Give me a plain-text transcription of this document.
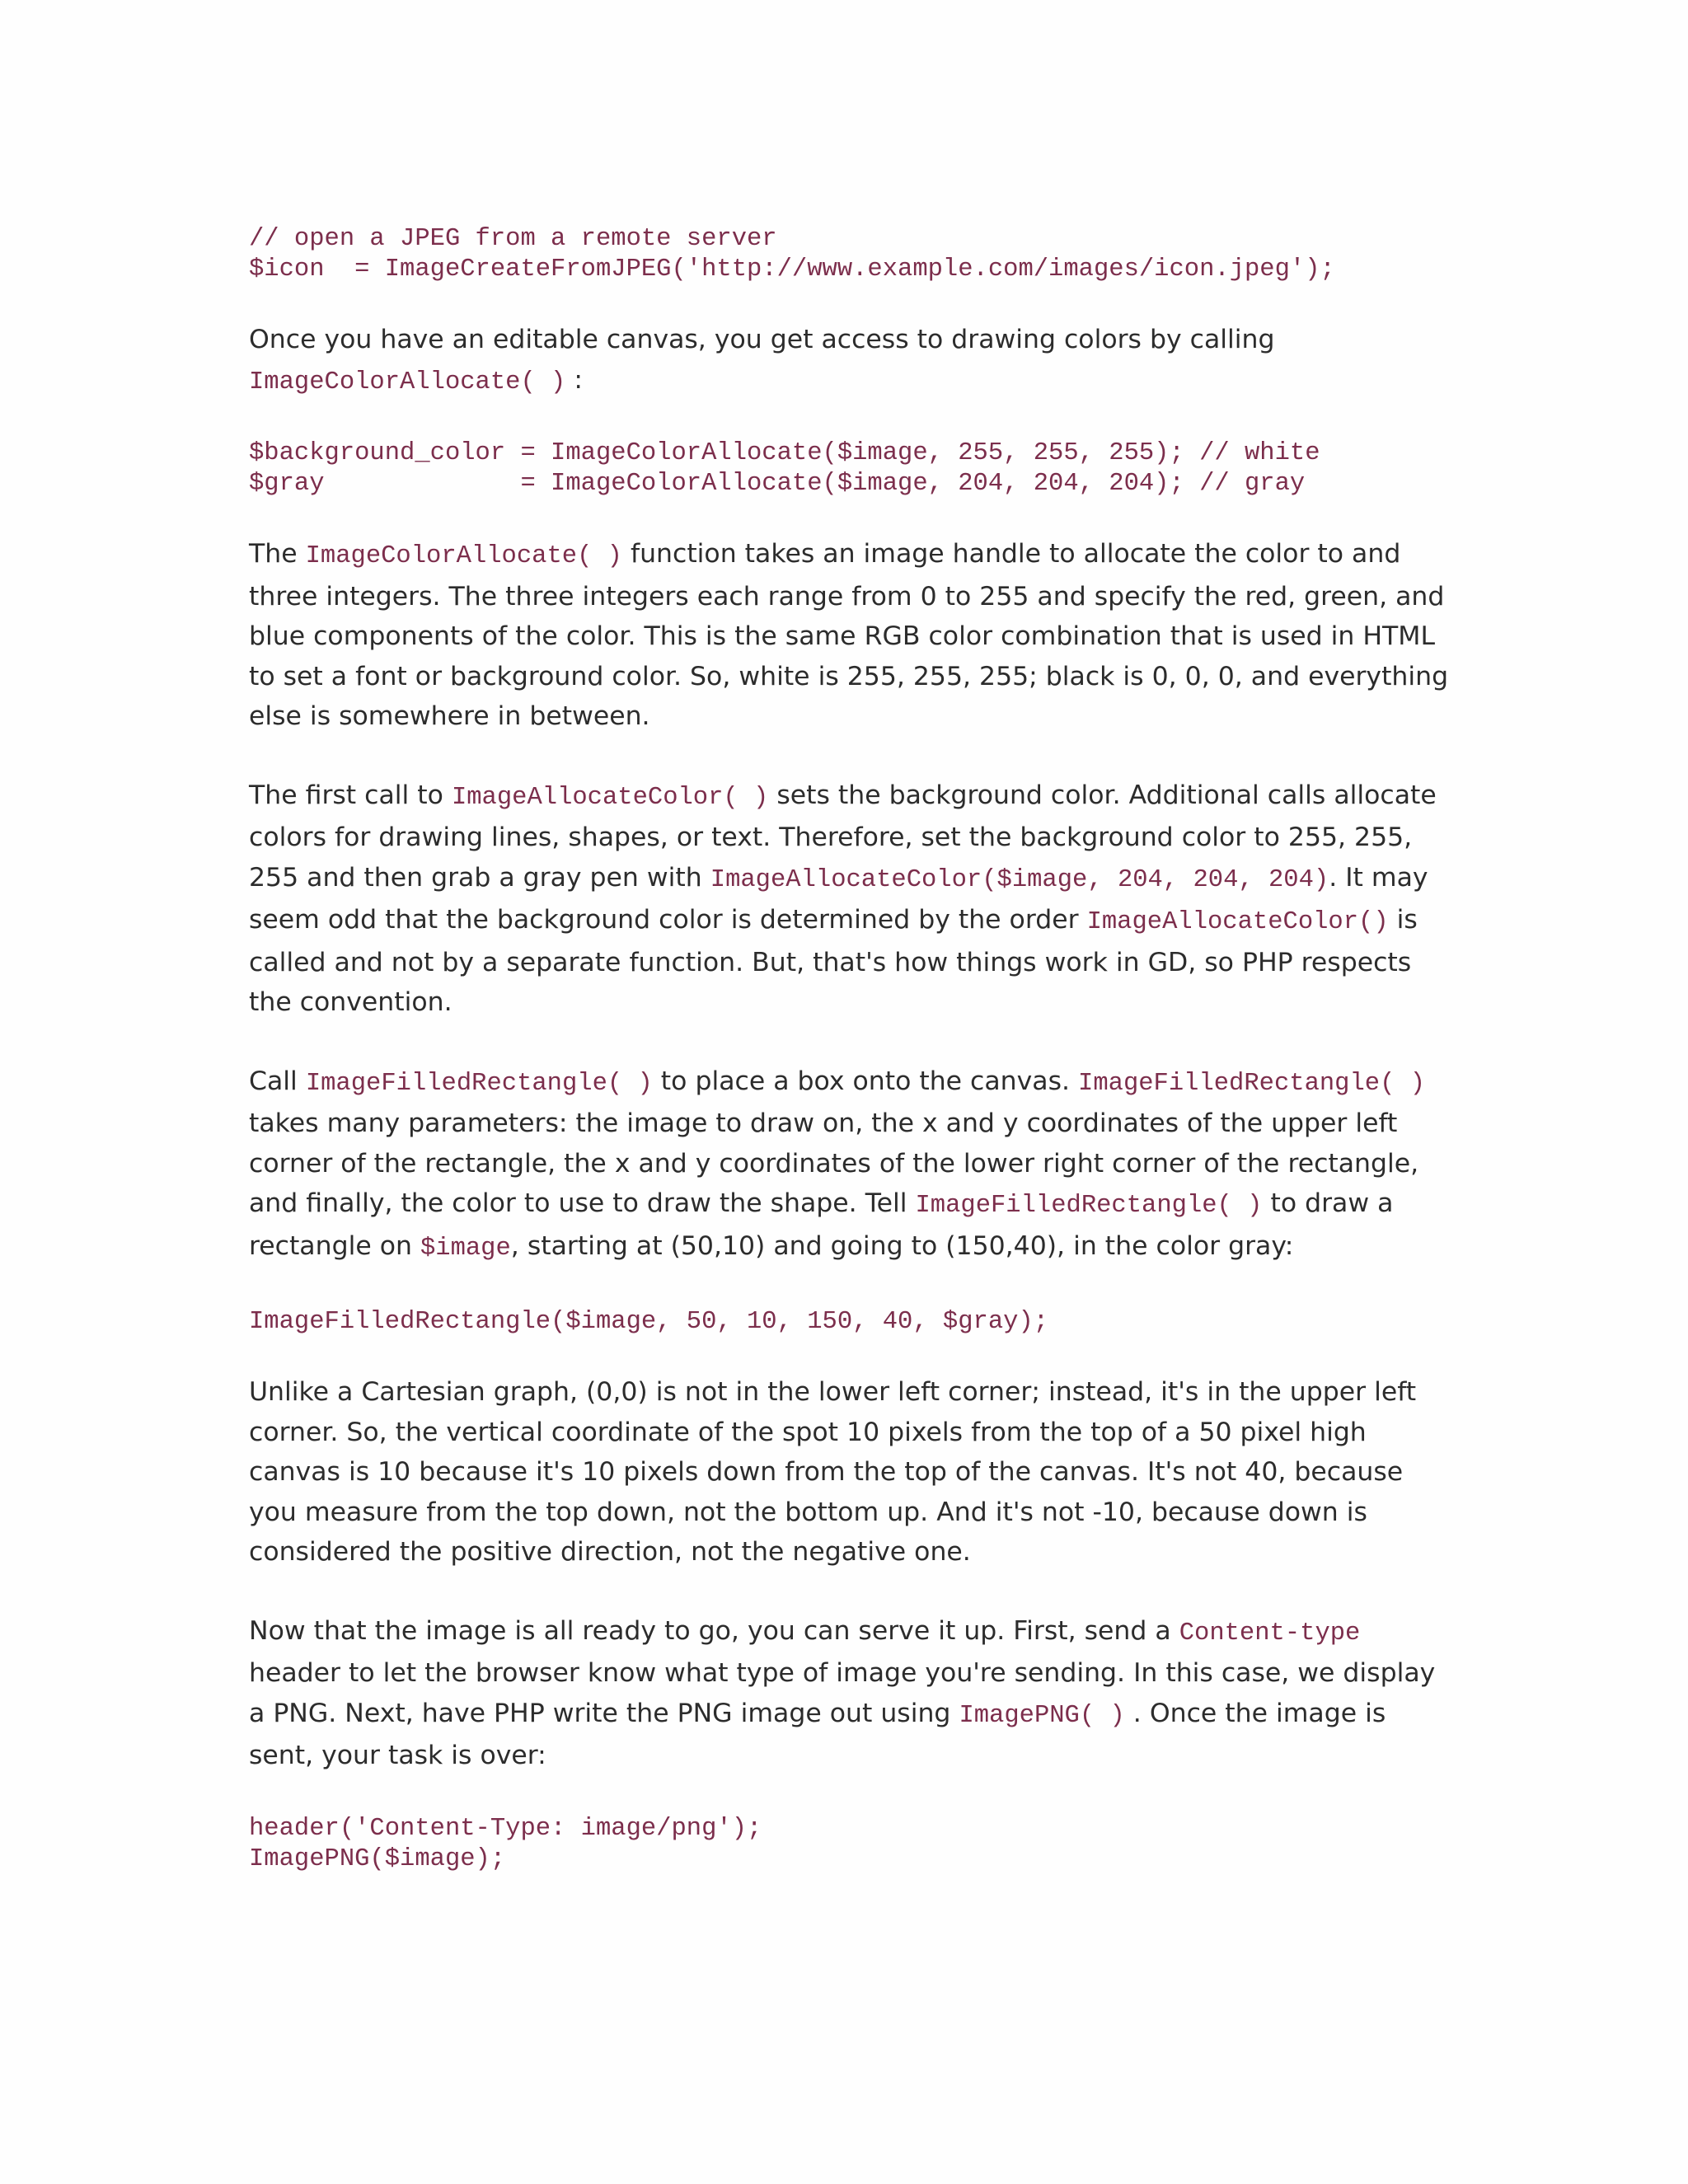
// open a JPEG from a remote server
$icon  = ImageCreateFromJPEG('http://www.example.com/images/icon.jpeg');

Once you have an editable canvas, you get access to drawing colors by calling ImageColorAllocate( ) :

$background_color = ImageColorAllocate($image, 255, 255, 255); // white
$gray             = ImageColorAllocate($image, 204, 204, 204); // gray

The ImageColorAllocate( ) function takes an image handle to allocate the color to and three integers. The three integers each range from 0 to 255 and specify the red, green, and blue components of the color. This is the same RGB color combination that is used in HTML to set a font or background color. So, white is 255, 255, 255; black is 0, 0, 0, and everything else is somewhere in between.

The first call to ImageAllocateColor( ) sets the background color. Additional calls allocate colors for drawing lines, shapes, or text. Therefore, set the background color to 255, 255, 255 and then grab a gray pen with ImageAllocateColor($image, 204, 204, 204). It may seem odd that the background color is determined by the order ImageAllocateColor() is called and not by a separate function. But, that's how things work in GD, so PHP respects the convention.

Call ImageFilledRectangle( ) to place a box onto the canvas. ImageFilledRectangle( ) takes many parameters: the image to draw on, the x and y coordinates of the upper left corner of the rectangle, the x and y coordinates of the lower right corner of the rectangle, and finally, the color to use to draw the shape. Tell ImageFilledRectangle( ) to draw a rectangle on $image, starting at (50,10) and going to (150,40), in the color gray:

ImageFilledRectangle($image, 50, 10, 150, 40, $gray);

Unlike a Cartesian graph, (0,0) is not in the lower left corner; instead, it's in the upper left corner. So, the vertical coordinate of the spot 10 pixels from the top of a 50 pixel high canvas is 10 because it's 10 pixels down from the top of the canvas. It's not 40, because you measure from the top down, not the bottom up. And it's not -10, because down is considered the positive direction, not the negative one.

Now that the image is all ready to go, you can serve it up. First, send a Content-type header to let the browser know what type of image you're sending. In this case, we display a PNG. Next, have PHP write the PNG image out using ImagePNG( ) . Once the image is sent, your task is over:

header('Content-Type: image/png');
ImagePNG($image);
